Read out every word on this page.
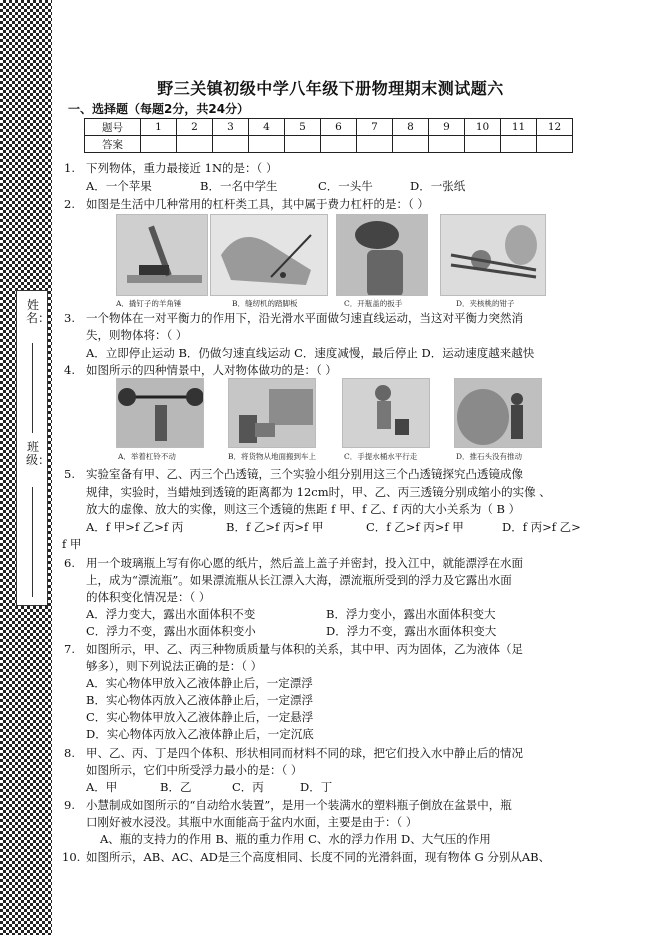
姓名：
班级：
野三关镇初级中学八年级下册物理期末测试题六
一、选择题（每题2分，共24分）
题号	1	2	3	4	5	6	7	8	9	10	11	12
答案												
1. 下列物体，重力最接近 1N的是：（ ）
A．一个苹果	B．一名中学生	C．一头牛	D．一张纸
2. 如图是生活中几种常用的杠杆类工具，其中属于费力杠杆的是：（ ）
A．撬钉子的羊角锤	B．缝纫机的踏脚板	C．开瓶盖的扳手	D．夹核桃的钳子
3. 一个物体在一对平衡力的作用下，沿光滑水平面做匀速直线运动，当这对平衡力突然消
失，则物体将：（ ）
A．立即停止运动 B．仍做匀速直线运动 C．速度减慢，最后停止 D．运动速度越来越快
4. 如图所示的四种情景中，人对物体做功的是：（ ）
A．举着杠铃不动	B．将货物从地面搬到车上	C．手提水桶水平行走	D．推石头没有推动
5. 实验室备有甲、乙、丙三个凸透镜，三个实验小组分别用这三个凸透镜探究凸透镜成像
规律，实验时，当蜡烛到透镜的距离都为 12cm时，甲、乙、丙三透镜分别成缩小的实像 、
放大的虚像、放大的实像，则这三个透镜的焦距 f 甲、f 乙、f 丙的大小关系为（ B ）
A．f 甲>f 乙>f 丙	B．f 乙>f 丙>f 甲	C．f 乙>f 丙>f 甲	D．f 丙>f 乙>
f 甲
6. 用一个玻璃瓶上写有你心愿的纸片，然后盖上盖子并密封，投入江中，就能漂浮在水面
上，成为“漂流瓶”。如果漂流瓶从长江漂入大海，漂流瓶所受到的浮力及它露出水面
的体积变化情况是：（ ）
A．浮力变大，露出水面体积不变	B．浮力变小，露出水面体积变大
C．浮力不变，露出水面体积变小	D．浮力不变，露出水面体积变大
7. 如图所示，甲、乙、丙三种物质质量与体积的关系，其中甲、丙为固体，乙为液体（足
够多），则下列说法正确的是：（ ）
A．实心物体甲放入乙液体静止后，一定漂浮
B．实心物体丙放入乙液体静止后，一定漂浮
C．实心物体甲放入乙液体静止后，一定悬浮
D．实心物体丙放入乙液体静止后，一定沉底
8. 甲、乙、丙、丁是四个体积、形状相同而材料不同的球，把它们投入水中静止后的情况
如图所示，它们中所受浮力最小的是：（ ）
A．甲	B．乙	C．丙	D．丁
9. 小慧制成如图所示的“自动给水装置”，是用一个装满水的塑料瓶子倒放在盆景中，瓶
口刚好被水浸没。其瓶中水面能高于盆内水面，主要是由于：（ ）
A、瓶的支持力的作用 B、瓶的重力作用 C、水的浮力作用 D、大气压的作用
10. 如图所示，AB、AC、AD是三个高度相同、长度不同的光滑斜面，现有物体 G 分别从AB、
